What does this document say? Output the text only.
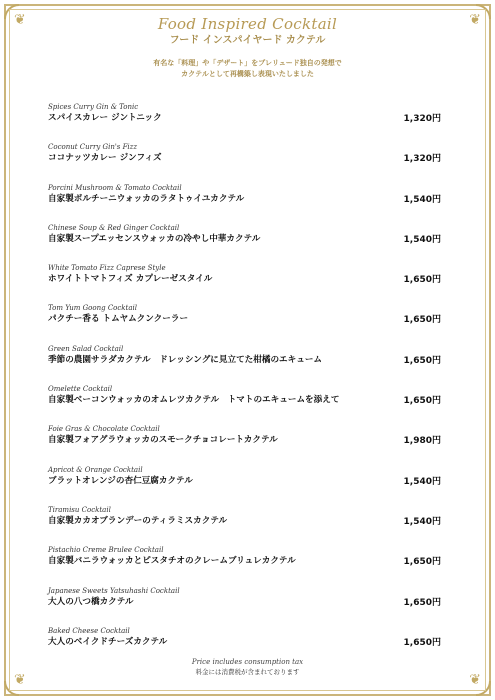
❦	❦
❦	❦
Food Inspired Cocktail
フード インスパイヤード カクテル
有名な「料理」や「デザート」をプレリュード独自の発想で
カクテルとして再構築し表現いたしました
Spices Curry Gin & Tonic
スパイスカレー ジントニック	1,320円
Coconut Curry Gin's Fizz
ココナッツカレー ジンフィズ	1,320円
Porcini Mushroom & Tomato Cocktail
自家製ポルチーニウォッカのラタトゥイユカクテル	1,540円
Chinese Soup & Red Ginger Cocktail
自家製スープエッセンスウォッカの冷やし中華カクテル	1,540円
White Tomato Fizz Caprese Style
ホワイトトマトフィズ カプレーゼスタイル	1,650円
Tom Yum Goong Cocktail
パクチー香る トムヤムクンクーラー	1,650円
Green Salad Cocktail
季節の農園サラダカクテル　ドレッシングに見立てた柑橘のエキューム	1,650円
Omelette Cocktail
自家製ベーコンウォッカのオムレツカクテル　トマトのエキュームを添えて	1,650円
Foie Gras & Chocolate Cocktail
自家製フォアグラウォッカのスモークチョコレートカクテル	1,980円
Apricot & Orange Cocktail
ブラットオレンジの杏仁豆腐カクテル	1,540円
Tiramisu Cocktail
自家製カカオブランデーのティラミスカクテル	1,540円
Pistachio Creme Brulee Cocktail
自家製バニラウォッカとピスタチオのクレームブリュレカクテル	1,650円
Japanese Sweets Yatsuhashi Cocktail
大人の八つ橋カクテル	1,650円
Baked Cheese Cocktail
大人のベイクドチーズカクテル	1,650円
Price includes consumption tax
料金には消費税が含まれております
